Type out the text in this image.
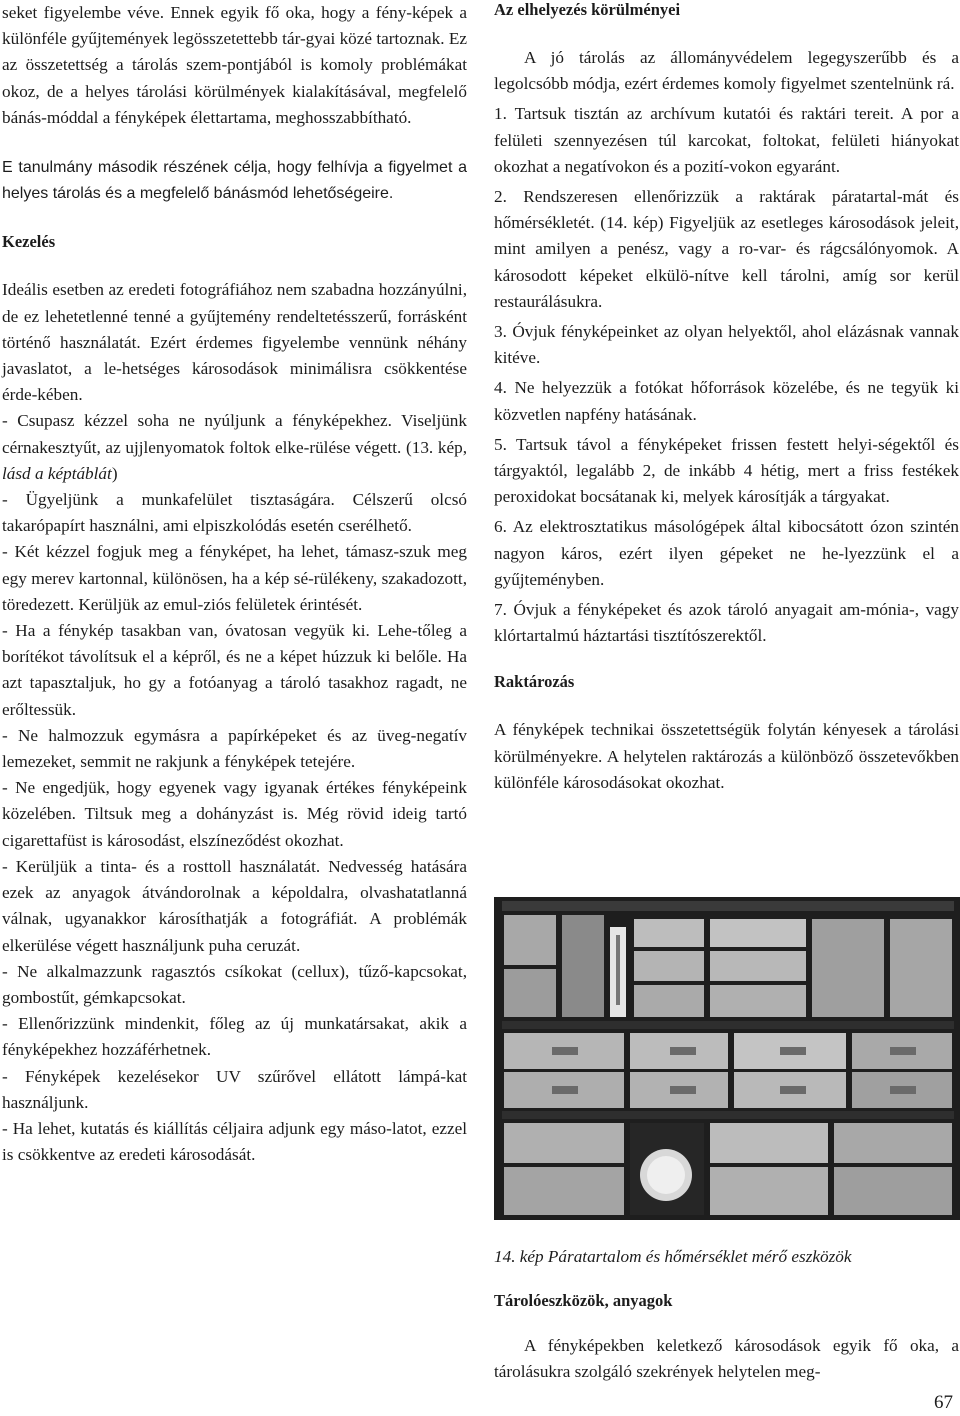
seket figyelembe véve. Ennek egyik fő oka, hogy a fény-képek a különféle gyűjtemények legösszetettebb tár-gyai közé tartoznak. Ez az összetettség a tárolás szem-pontjából is komoly problémákat okoz, de a helyes tárolási körülmények kialakításával, megfelelő bánás-móddal a fényképek élettartama, meghosszabbítható.

E tanulmány második részének célja, hogy felhívja a figyelmet a helyes tárolás és a megfelelő bánásmód lehetőségeire.

Kezelés

Ideális esetben az eredeti fotográfiához nem szabadna hozzányúlni, de ez lehetetlenné tenné a gyűjtemény rendeltetésszerű, forrásként történő használatát. Ezért érdemes figyelembe vennünk néhány javaslatot, a le-hetséges károsodások minimálisra csökkentése érde-kében.

- Csupasz kézzel soha ne nyúljunk a fényképekhez. Viseljünk cérnakesztyűt, az ujjlenyomatok foltok elke-rülése végett. (13. kép, lásd a képtáblát)

- Ügyeljünk a munkafelület tisztaságára. Célszerű olcsó takarópapírt használni, ami elpiszkolódás esetén cserélhető.

- Két kézzel fogjuk meg a fényképet, ha lehet, támasz-szuk meg egy merev kartonnal, különösen, ha a kép sé-rülékeny, szakadozott, töredezett. Kerüljük az emul-ziós felületek érintését.

- Ha a fénykép tasakban van, óvatosan vegyük ki. Lehe-tőleg a borítékot távolítsuk el a képről, és ne a képet húzzuk ki belőle. Ha azt tapasztaljuk, ho gy a fotóanyag a tároló tasakhoz ragadt, ne erőltessük.

- Ne halmozzuk egymásra a papírképeket és az üveg-negatív lemezeket, semmit ne rakjunk a fényképek tetejére.

- Ne engedjük, hogy egyenek vagy igyanak értékes fényképeink közelében. Tiltsuk meg a dohányzást is. Még rövid ideig tartó cigarettafüst is károsodást, elszíneződést okozhat.

- Kerüljük a tinta- és a rosttoll használatát. Nedvesség hatására ezek az anyagok átvándorolnak a képoldalra, olvashatatlanná válnak, ugyanakkor károsíthatják a fotográfiát. A problémák elkerülése végett használjunk puha ceruzát.

- Ne alkalmazzunk ragasztós csíkokat (cellux), tűző-kapcsokat, gombostűt, gémkapcsokat.

- Ellenőrizzünk mindenkit, főleg az új munkatársakat, akik a fényképekhez hozzáférhetnek.

- Fényképek kezelésekor UV szűrővel ellátott lámpá-kat használjunk.

- Ha lehet, kutatás és kiállítás céljaira adjunk egy máso-latot, ezzel is csökkentve az eredeti károsodását.

Az elhelyezés körülményei

A jó tárolás az állományvédelem legegyszerűbb és a legolcsóbb módja, ezért érdemes komoly figyelmet szentelnünk rá.

1. Tartsuk tisztán az archívum kutatói és raktári tereit. A por a felületi szennyezésen túl karcokat, foltokat, felületi hiányokat okozhat a negatívokon és a pozití-vokon egyaránt.

2. Rendszeresen ellenőrizzük a raktárak páratartal-mát és hőmérsékletét. (14. kép) Figyeljük az esetleges károsodások jeleit, mint amilyen a penész, vagy a ro-var- és rágcsálónyomok. A károsodott képeket elkülö-nítve kell tárolni, amíg sor kerül restaurálásukra.

3. Óvjuk fényképeinket az olyan helyektől, ahol elázásnak vannak kitéve.

4. Ne helyezzük a fotókat hőforrások közelébe, és ne tegyük ki közvetlen napfény hatásának.

5. Tartsuk távol a fényképeket frissen festett helyi-ségektől és tárgyaktól, legalább 2, de inkább 4 hétig, mert a friss festékek peroxidokat bocsátanak ki, melyek károsítják a tárgyakat.

6. Az elektrosztatikus másológépek által kibocsátott ózon szintén nagyon káros, ezért ilyen gépeket ne he-lyezzünk el a gyűjteményben.

7. Óvjuk a fényképeket és azok tároló anyagait am-mónia-, vagy klórtartalmú háztartási tisztítószerektől.

Raktározás

A fényképek technikai összetettségük folytán kényesek a tárolási körülményekre. A helytelen raktározás a különböző összetevőkben különféle károsodásokat okozhat.

14. kép Páratartalom és hőmérséklet mérő eszközök
Tárolóeszközök, anyagok

A fényképekben keletkező károsodások egyik fő oka, a tárolásukra szolgáló szekrények helytelen meg-

67
